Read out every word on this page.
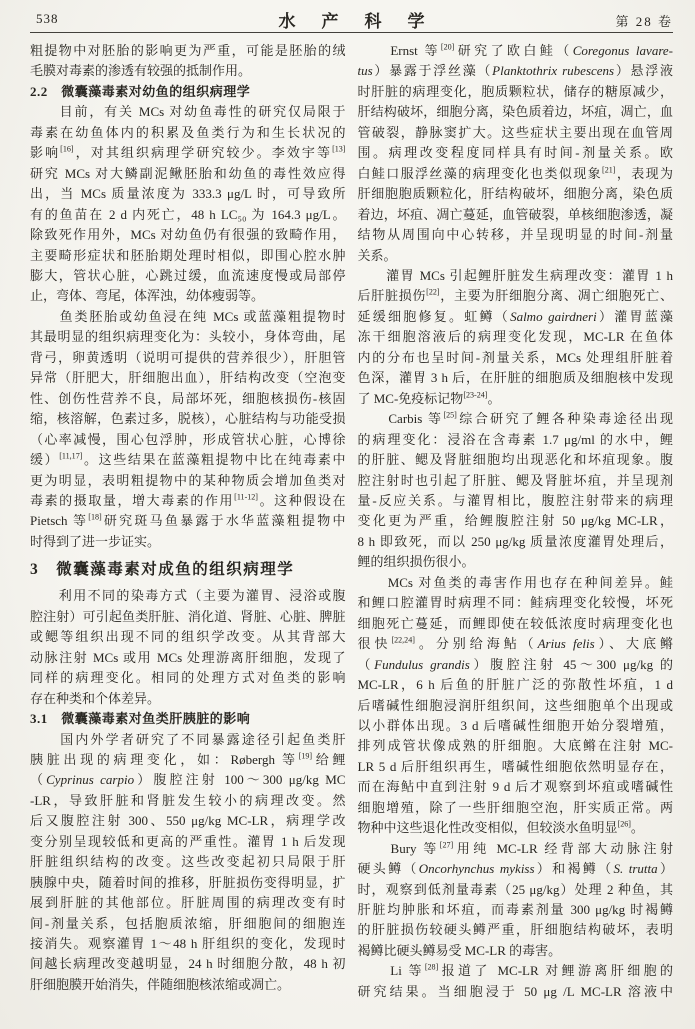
538	水产科学	第 28 卷
粗提物中对胚胎的影响更为严重，可能是胚胎的绒
毛膜对毒素的渗透有较强的抵制作用。
2.2　微囊藻毒素对幼鱼的组织病理学
　　目前，有关 MCs 对幼鱼毒性的研究仅局限于
毒素在幼鱼体内的积累及鱼类行为和生长状况的
影响[16]，对其组织病理学研究较少。李效宇等[13]
研究 MCs 对大鳞副泥鳅胚胎和幼鱼的毒性效应得
出，当 MCs 质量浓度为 333.3 μg/L 时，可导致所
有的鱼苗在 2 d 内死亡，48 h LC₅₀ 为 164.3 μg/L。
除致死作用外，MCs 对幼鱼仍有很强的致畸作用，
主要畸形症状和胚胎期处理时相似，即围心腔水肿
膨大，管状心脏，心跳过缓，血流速度慢或局部停
止，弯体、弯尾，体浑浊，幼体瘦弱等。
　　鱼类胚胎或幼鱼浸在纯 MCs 或蓝藻粗提物时
其最明显的组织病理变化为：头较小，身体弯曲，尾
背弓，卵黄透明（说明可提供的营养很少），肝胆管
异常（肝肥大，肝细胞出血），肝结构改变（空泡变
性、创伤性营养不良，局部坏死，细胞核损伤-核固
缩，核溶解，色素过多，脱核），心脏结构与功能受损
（心率减慢，围心包浮肿，形成管状心脏，心博徐
缓）[11,17]。这些结果在蓝藻粗提物中比在纯毒素中
更为明显，表明粗提物中的某种物质会增加鱼类对
毒素的摄取量，增大毒素的作用[11-12]。这种假设在
Pietsch 等[18]研究斑马鱼暴露于水华蓝藻粗提物中
时得到了进一步证实。
3　微囊藻毒素对成鱼的组织病理学
　　利用不同的染毒方式（主要为灌胃、浸浴或腹
腔注射）可引起鱼类肝脏、消化道、肾脏、心脏、脾脏
或鳃等组织出现不同的组织学改变。从其背部大
动脉注射 MCs 或用 MCs 处理游离肝细胞，发现了
同样的病理变化。相同的处理方式对鱼类的影响
存在种类和个体差异。
3.1　微囊藻毒素对鱼类肝胰脏的影响
　　国内外学者研究了不同暴露途径引起鱼类肝
胰脏出现的病理变化，如：Røbergh 等[19]给鲤
（Cyprinus carpio）腹腔注射 100～300 μg/kg MC
-LR，导致肝脏和肾脏发生较小的病理改变。然
后又腹腔注射 300、550 μg/kg MC-LR，病理学改
变分别呈现较低和更高的严重性。灌胃 1 h 后发现
肝脏组织结构的改变。这些改变起初只局限于肝
胰腺中央，随着时间的推移，肝脏损伤变得明显，扩
展到肝脏的其他部位。肝脏周围的病理改变有时
间-剂量关系，包括胞质浓缩，肝细胞间的细胞连
接消失。观察灌胃 1～48 h 肝组织的变化，发现时
间越长病理改变越明显，24 h 时细胞分散，48 h 初
肝细胞膜开始消失，伴随细胞核浓缩或凋亡。
　　Ernst 等[20]研究了欧白鲑（Coregonus lavare-
tus）暴露于浮丝藻（Planktothrix rubescens）悬浮液
时肝脏的病理变化，胞质颗粒状，储存的糖原减少，
肝结构破坏，细胞分离，染色质着边，坏疽，凋亡，血
管破裂，静脉窦扩大。这些症状主要出现在血管周
围。病理改变程度同样具有时间-剂量关系。欧
白鲑口服浮丝藻的病理变化也类似现象[21]，表现为
肝细胞胞质颗粒化，肝结构破坏，细胞分离，染色质
着边，坏疽、凋亡蔓延，血管破裂，单核细胞渗透，凝
结物从周围向中心转移，并呈现明显的时间-剂量
关系。
　　灌胃 MCs 引起鲤肝脏发生病理改变：灌胃 1 h
后肝脏损伤[22]，主要为肝细胞分离、凋亡细胞死亡、
延缓细胞修复。虹鳟（Salmo gairdneri）灌胃蓝藻
冻干细胞溶液后的病理变化发现，MC-LR 在鱼体
内的分布也呈时间-剂量关系，MCs 处理组肝脏着
色深，灌胃 3 h 后，在肝脏的细胞质及细胞核中发现
了 MC-免疫标记物[23-24]。
　　Carbis 等[25]综合研究了鲤各种染毒途径出现
的病理变化：浸浴在含毒素 1.7 μg/ml 的水中，鲤
的肝脏、鳃及肾脏细胞均出现恶化和坏疽现象。腹
腔注射时也引起了肝脏、鳃及肾脏坏疽，并呈现剂
量-反应关系。与灌胃相比，腹腔注射带来的病理
变化更为严重，给鲤腹腔注射 50 μg/kg MC-LR，
8 h 即致死，而以 250 μg/kg 质量浓度灌胃处理后，
鲤的组织损伤很小。
　　MCs 对鱼类的毒害作用也存在种间差异。鲑
和鲤口腔灌胃时病理不同：鲑病理变化较慢，坏死
细胞死亡蔓延，而鲤即使在较低浓度时病理变化也
很快[22,24]。分别给海鲇（Arius felis）、大底鳉
（Fundulus grandis）腹腔注射 45～300 μg/kg 的
MC-LR，6 h 后鱼的肝脏广泛的弥散性坏疽，1 d
后嗜碱性细胞浸润肝组织间，这些细胞单个出现或
以小群体出现。3 d 后嗜碱性细胞开始分裂增殖，
排列成管状像成熟的肝细胞。大底鳉在注射 MC-
LR 5 d 后肝组织再生，嗜碱性细胞依然明显存在，
而在海鲇中直到注射 9 d 后才观察到坏疽或嗜碱性
细胞增殖，除了一些肝细胞空泡，肝实质正常。两
物种中这些退化性改变相似，但较淡水鱼明显[26]。
　　Bury 等[27]用纯 MC-LR 经背部大动脉注射
硬头鳟（Oncorhynchus mykiss）和褐鳟（S. trutta）
时，观察到低剂量毒素（25 μg/kg）处理 2 种鱼，其
肝脏均肿胀和坏疽，而毒素剂量 300 μg/kg 时褐鳟
的肝脏损伤较硬头鳟严重，肝细胞结构破坏，表明
褐鳟比硬头鳟易受 MC-LR 的毒害。
　　Li 等[28]报道了 MC-LR 对鲤游离肝细胞的
研究结果。当细胞浸于 50 μg /L MC-LR 溶液中
